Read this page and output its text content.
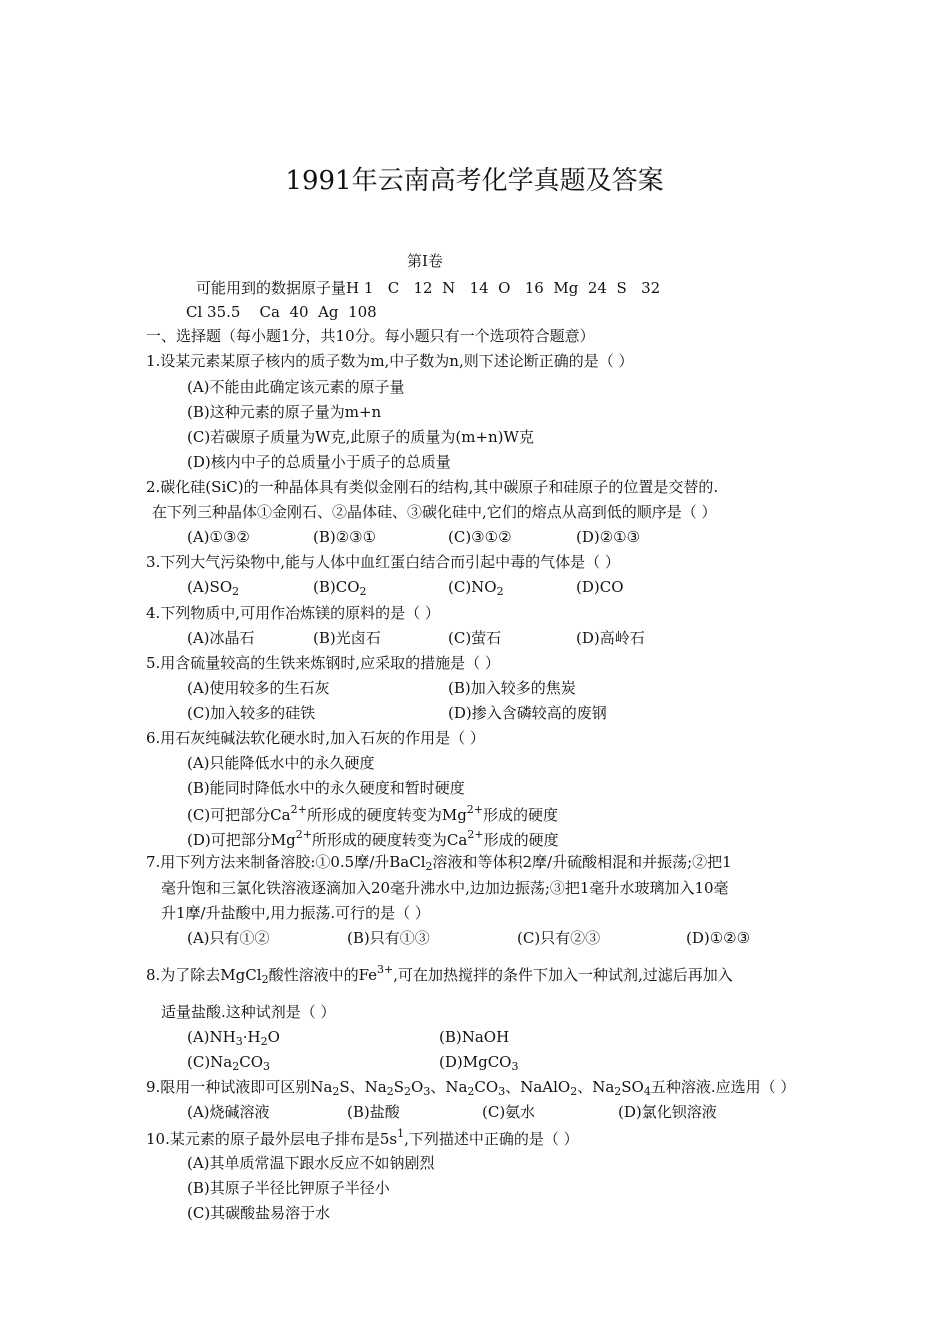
1991年云南高考化学真题及答案
第Ⅰ卷
可能用到的数据原子量H 1   C   12  N   14  O   16  Mg  24  S   32
Cl 35.5    Ca  40  Ag  108
一、选择题（每小题1分，共10分。每小题只有一个选项符合题意）
1.设某元素某原子核内的质子数为m,中子数为n,则下述论断正确的是（ ）
(A)不能由此确定该元素的原子量
(B)这种元素的原子量为m+n
(C)若碳原子质量为W克,此原子的质量为(m+n)W克
(D)核内中子的总质量小于质子的总质量
2.碳化硅(SiC)的一种晶体具有类似金刚石的结构,其中碳原子和硅原子的位置是交替的.
在下列三种晶体①金刚石、②晶体硅、③碳化硅中,它们的熔点从高到低的顺序是（ ）
(A)①③②	(B)②③①	(C)③①②	(D)②①③
3.下列大气污染物中,能与人体中血红蛋白结合而引起中毒的气体是（ ）
$(A)SO_2$	$(B)CO_2$	$(C)NO_2$	(D)CO
4.下列物质中,可用作冶炼镁的原料的是（ ）
(A)冰晶石	(B)光卤石	(C)萤石	(D)高岭石
5.用含硫量较高的生铁来炼钢时,应采取的措施是（ ）
(A)使用较多的生石灰	(B)加入较多的焦炭
(C)加入较多的硅铁	(D)掺入含磷较高的废钢
6.用石灰纯碱法软化硬水时,加入石灰的作用是（ ）
(A)只能降低水中的永久硬度
(B)能同时降低水中的永久硬度和暂时硬度
(C)可把部分$Ca^{2+}$所形成的硬度转变为$Mg^{2+}$形成的硬度
(D)可把部分$Mg^{2+}$所形成的硬度转变为$Ca^{2+}$形成的硬度
7.用下列方法来制备溶胶:①0.5摩/升BaCl$_2$溶液和等体积2摩/升硫酸相混和并振荡;②把1
毫升饱和三氯化铁溶液逐滴加入20毫升沸水中,边加边振荡;③把1毫升水玻璃加入10毫
升1摩/升盐酸中,用力振荡.可行的是（ ）
(A)只有①②	(B)只有①③	(C)只有②③	(D)①②③
8.为了除去MgCl$_2$酸性溶液中的$Fe^{3+}$,可在加热搅拌的条件下加入一种试剂,过滤后再加入
适量盐酸.这种试剂是（ ）
$(A)NH_3\cdot H_2O$	(B)NaOH
$(C)Na_2CO_3$	(D)MgCO$_3$
9.限用一种试液即可区别$Na_2S$、$Na_2S_2O_3$、$Na_2CO_3$、NaAlO$_2$、$Na_2SO_4$五种溶液.应选用（ ）
(A)烧碱溶液	(B)盐酸	(C)氨水	(D)氯化钡溶液
10.某元素的原子最外层电子排布是$5s^1$,下列描述中正确的是（ ）
(A)其单质常温下跟水反应不如钠剧烈
(B)其原子半径比钾原子半径小
(C)其碳酸盐易溶于水
